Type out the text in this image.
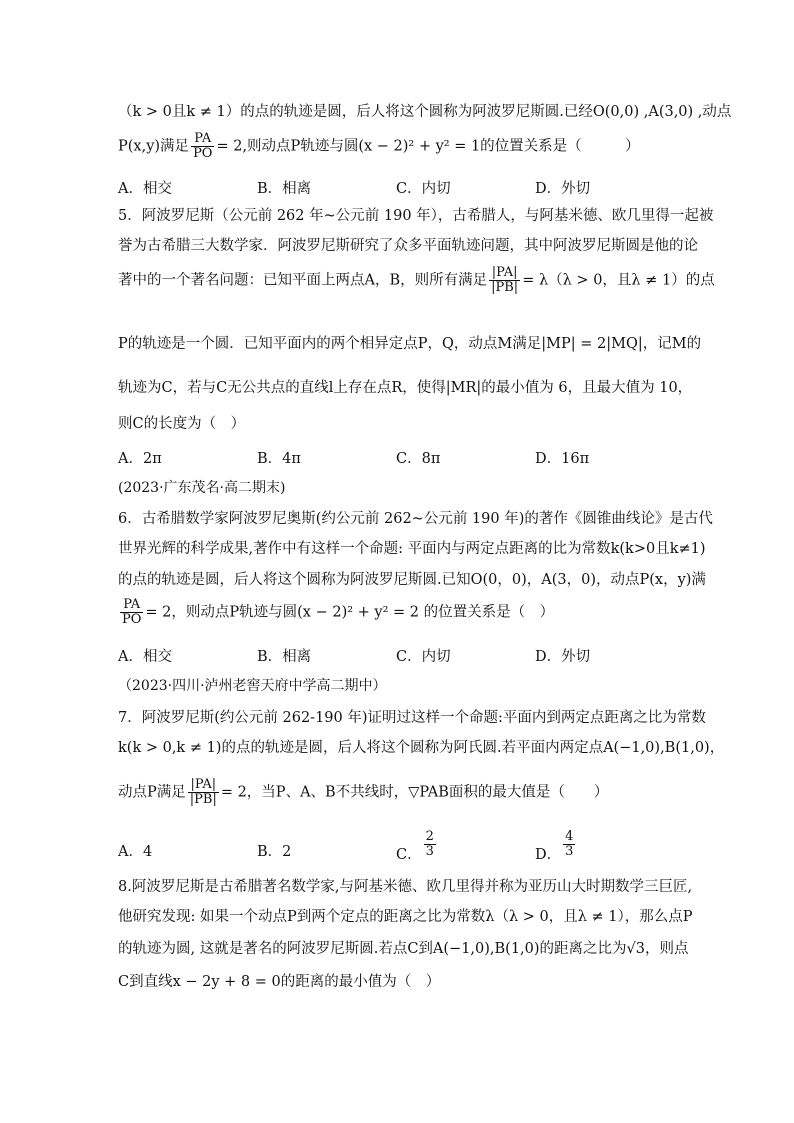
（k > 0且k ≠ 1）的点的轨迹是圆，后人将这个圆称为阿波罗尼斯圆.已经O(0,0) ,A(3,0) ,动点
P(x,y)满足 $\frac{PA}{PO} = 2$,则动点P轨迹与圆(x − 2)² + y² = 1的位置关系是（　　　）
A．相交	B．相离	C．内切	D．外切
5．阿波罗尼斯（公元前 262 年~公元前 190 年），古希腊人，与阿基米德、欧几里得一起被
誉为古希腊三大数学家．阿波罗尼斯研究了众多平面轨迹问题，其中阿波罗尼斯圆是他的论
著中的一个著名问题：已知平面上两点A，B，则所有满足 $\frac{|PA|}{|PB|} = \lambda(\lambda > 0$，且λ ≠ 1）的点
P的轨迹是一个圆．已知平面内的两个相异定点P，Q，动点M满足|MP| = 2|MQ|，记M的
轨迹为C，若与C无公共点的直线l上存在点R，使得|MR|的最小值为 6，且最大值为 10，
则C的长度为（　）
A．2π	B．4π	C．8π	D．16π
(2023·广东茂名·高二期末)
6．古希腊数学家阿波罗尼奥斯(约公元前 262~公元前 190 年)的著作《圆锥曲线论》是古代
世界光辉的科学成果,著作中有这样一个命题: 平面内与两定点距离的比为常数k(k>0且k≠1)
的点的轨迹是圆，后人将这个圆称为阿波罗尼斯圆.已知O(0，0)，A(3，0)，动点P(x，y)满
$\frac{PA}{PO} = 2$，则动点P轨迹与圆(x − 2)² + y² = 2 的位置关系是（　）
A．相交	B．相离	C．内切	D．外切
（2023·四川·泸州老窖天府中学高二期中）
7．阿波罗尼斯(约公元前 262-190 年)证明过这样一个命题:平面内到两定点距离之比为常数
k(k > 0,k ≠ 1)的点的轨迹是圆，后人将这个圆称为阿氏圆.若平面内两定点A(−1,0),B(1,0)，
动点P满足 $\frac{|PA|}{|PB|} = 2$，当P、A、B不共线时，▽PAB面积的最大值是（　　）
A．4	B．2	C． $\frac{2}{3}$	D． $\frac{4}{3}$
8.阿波罗尼斯是古希腊著名数学家,与阿基米德、欧几里得并称为亚历山大时期数学三巨匠,
他研究发现: 如果一个动点P到两个定点的距离之比为常数λ（λ > 0，且λ ≠ 1），那么点P
的轨迹为圆, 这就是著名的阿波罗尼斯圆.若点C到A(−1,0),B(1,0)的距离之比为√3，则点
C到直线x − 2y + 8 = 0的距离的最小值为（　）
